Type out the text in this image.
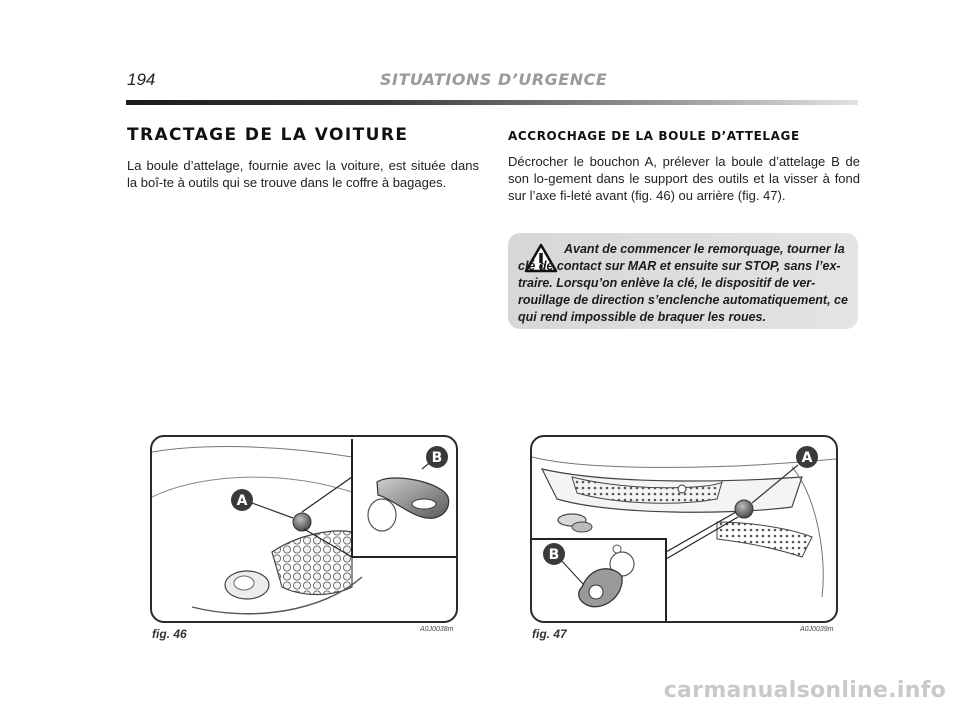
194	SITUATIONS D’URGENCE
TRACTAGE DE LA VOITURE

La boule d’attelage, fournie avec la voiture, est située dans la boî-te à outils qui se trouve dans le coffre à bagages.

ACCROCHAGE DE LA BOULE D’ATTELAGE

Décrocher le bouchon A, prélever la boule d’attelage B de son lo-gement dans le support des outils et la visser à fond sur l’axe fi-leté avant (fig. 46) ou arrière (fig. 47).

Avant de commencer le remorquage, tourner la clé de contact sur MAR et ensuite sur STOP, sans l’ex-traire. Lorsqu’on enlève la clé, le dispositif de ver-rouillage de direction s’enclenche automatiquement, ce qui rend impossible de braquer les roues.

A
B
fig. 46	A0J0038m
A
B
fig. 47	A0J0039m
carmanualsonline.info
